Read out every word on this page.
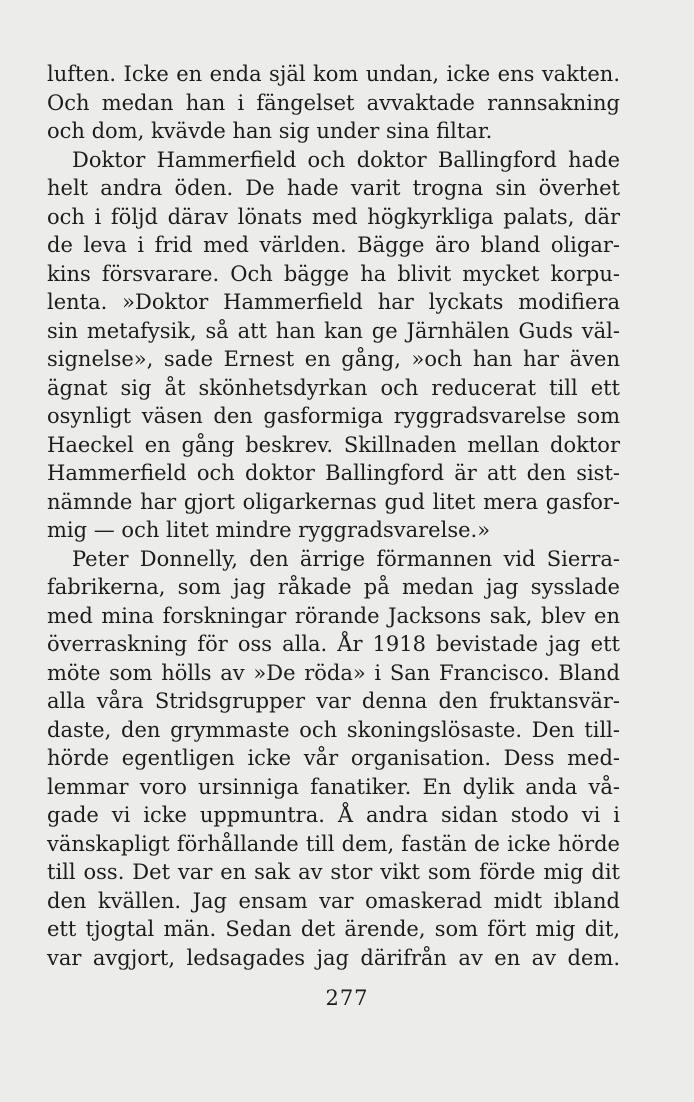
luften. Icke en enda själ kom undan, icke ens vakten.
Och medan han i fängelset avvaktade rannsakning
och dom, kvävde han sig under sina filtar.
Doktor Hammerfield och doktor Ballingford hade
helt andra öden. De hade varit trogna sin överhet
och i följd därav lönats med högkyrkliga palats, där
de leva i frid med världen. Bägge äro bland oligar-
kins försvarare. Och bägge ha blivit mycket korpu-
lenta. »Doktor Hammerfield har lyckats modifiera
sin metafysik, så att han kan ge Järnhälen Guds väl-
signelse», sade Ernest en gång, »och han har även
ägnat sig åt skönhetsdyrkan och reducerat till ett
osynligt väsen den gasformiga ryggradsvarelse som
Haeckel en gång beskrev. Skillnaden mellan doktor
Hammerfield och doktor Ballingford är att den sist-
nämnde har gjort oligarkernas gud litet mera gasfor-
mig — och litet mindre ryggradsvarelse.»
Peter Donnelly, den ärrige förmannen vid Sierra-
fabrikerna, som jag råkade på medan jag sysslade
med mina forskningar rörande Jacksons sak, blev en
överraskning för oss alla. År 1918 bevistade jag ett
möte som hölls av »De röda» i San Francisco. Bland
alla våra Stridsgrupper var denna den fruktansvär-
daste, den grymmaste och skoningslösaste. Den till-
hörde egentligen icke vår organisation. Dess med-
lemmar voro ursinniga fanatiker. En dylik anda vå-
gade vi icke uppmuntra. Å andra sidan stodo vi i
vänskapligt förhållande till dem, fastän de icke hörde
till oss. Det var en sak av stor vikt som förde mig dit
den kvällen. Jag ensam var omaskerad midt ibland
ett tjogtal män. Sedan det ärende, som fört mig dit,
var avgjort, ledsagades jag därifrån av en av dem.
277
